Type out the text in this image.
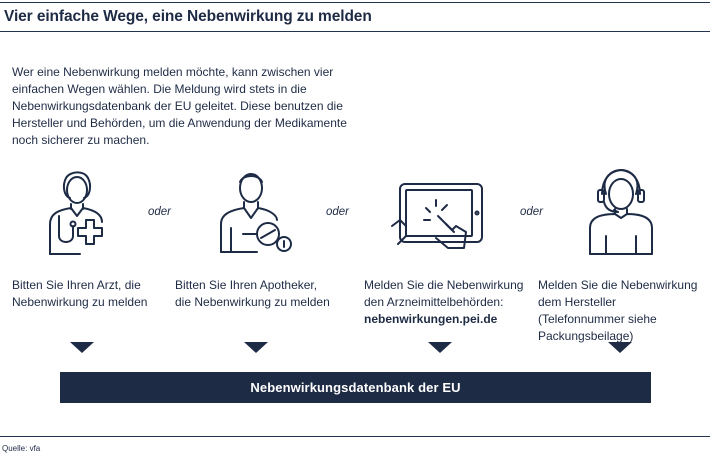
Vier einfache Wege, eine Nebenwirkung zu melden
Wer eine Nebenwirkung melden möchte, kann zwischen vier einfachen Wegen wählen. Die Meldung wird stets in die Nebenwirkungsdatenbank der EU geleitet. Diese benutzen die Hersteller und Behörden, um die Anwendung der Medikamente noch sicherer zu machen.
oder	oder	oder
Bitten Sie Ihren Arzt, die Nebenwirkung zu melden
Bitten Sie Ihren Apotheker, die Nebenwirkung zu melden
Melden Sie die Nebenwirkung den Arzneimittelbehörden:
nebenwirkungen.pei.de
Melden Sie die Nebenwirkung dem Hersteller (Telefonnummer siehe Packungsbeilage)
Nebenwirkungsdatenbank der EU
Quelle: vfa
